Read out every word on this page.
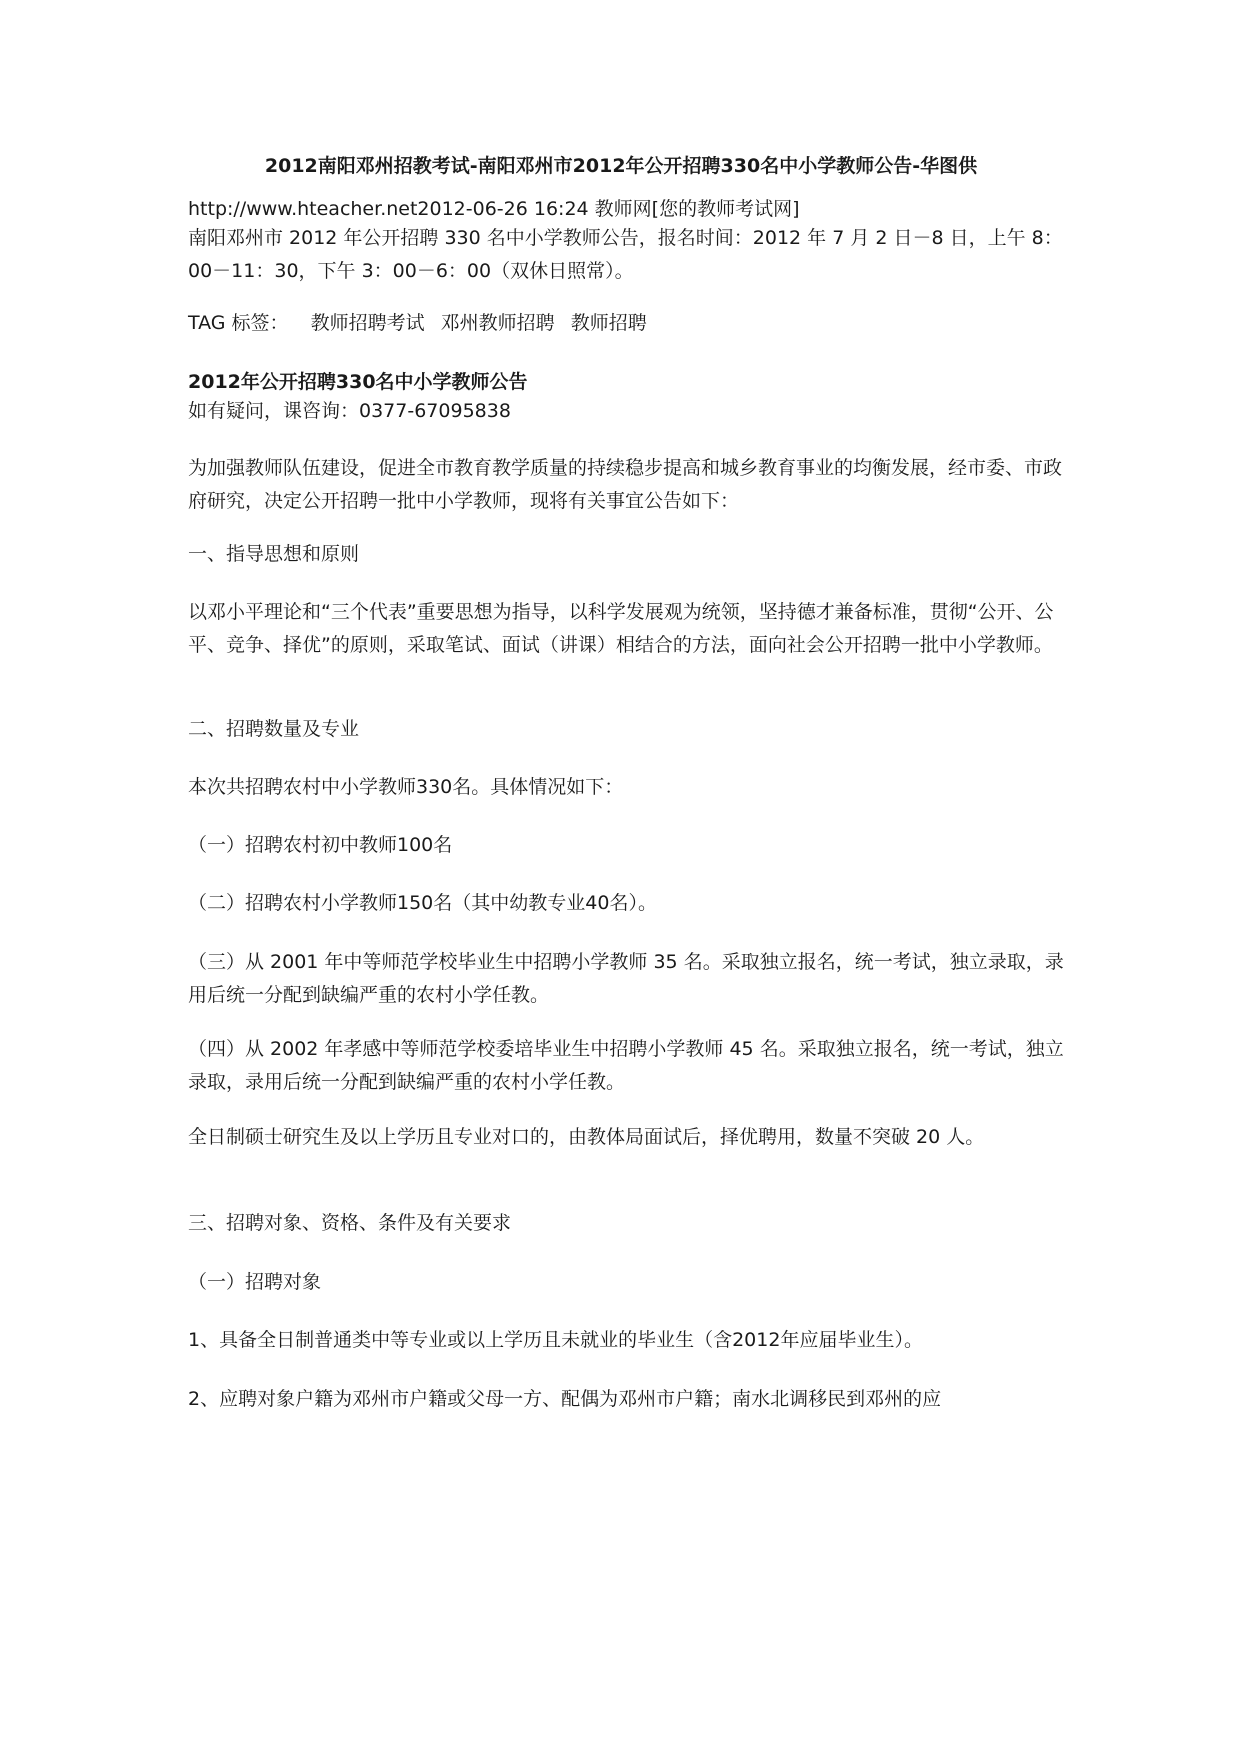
2012南阳邓州招教考试-南阳邓州市2012年公开招聘330名中小学教师公告-华图供
http://www.hteacher.net2012-06-26 16:24 教师网[您的教师考试网]
南阳邓州市 2012 年公开招聘 330 名中小学教师公告，报名时间：2012 年 7 月 2 日－8 日，上午 8：00－11：30，下午 3：00－6：00（双休日照常）。
TAG 标签： 教师招聘考试 邓州教师招聘 教师招聘
2012年公开招聘330名中小学教师公告
如有疑问，课咨询：0377-67095838
为加强教师队伍建设，促进全市教育教学质量的持续稳步提高和城乡教育事业的均衡发展，经市委、市政府研究，决定公开招聘一批中小学教师，现将有关事宜公告如下：
一、指导思想和原则
以邓小平理论和“三个代表”重要思想为指导，以科学发展观为统领，坚持德才兼备标准，贯彻“公开、公平、竞争、择优”的原则，采取笔试、面试（讲课）相结合的方法，面向社会公开招聘一批中小学教师。
二、招聘数量及专业
本次共招聘农村中小学教师330名。具体情况如下：
（一）招聘农村初中教师100名
（二）招聘农村小学教师150名（其中幼教专业40名）。
（三）从 2001 年中等师范学校毕业生中招聘小学教师 35 名。采取独立报名，统一考试，独立录取，录用后统一分配到缺编严重的农村小学任教。
（四）从 2002 年孝感中等师范学校委培毕业生中招聘小学教师 45 名。采取独立报名，统一考试，独立录取，录用后统一分配到缺编严重的农村小学任教。
全日制硕士研究生及以上学历且专业对口的，由教体局面试后，择优聘用，数量不突破 20 人。
三、招聘对象、资格、条件及有关要求
（一）招聘对象
1、具备全日制普通类中等专业或以上学历且未就业的毕业生（含2012年应届毕业生）。
2、应聘对象户籍为邓州市户籍或父母一方、配偶为邓州市户籍；南水北调移民到邓州的应
